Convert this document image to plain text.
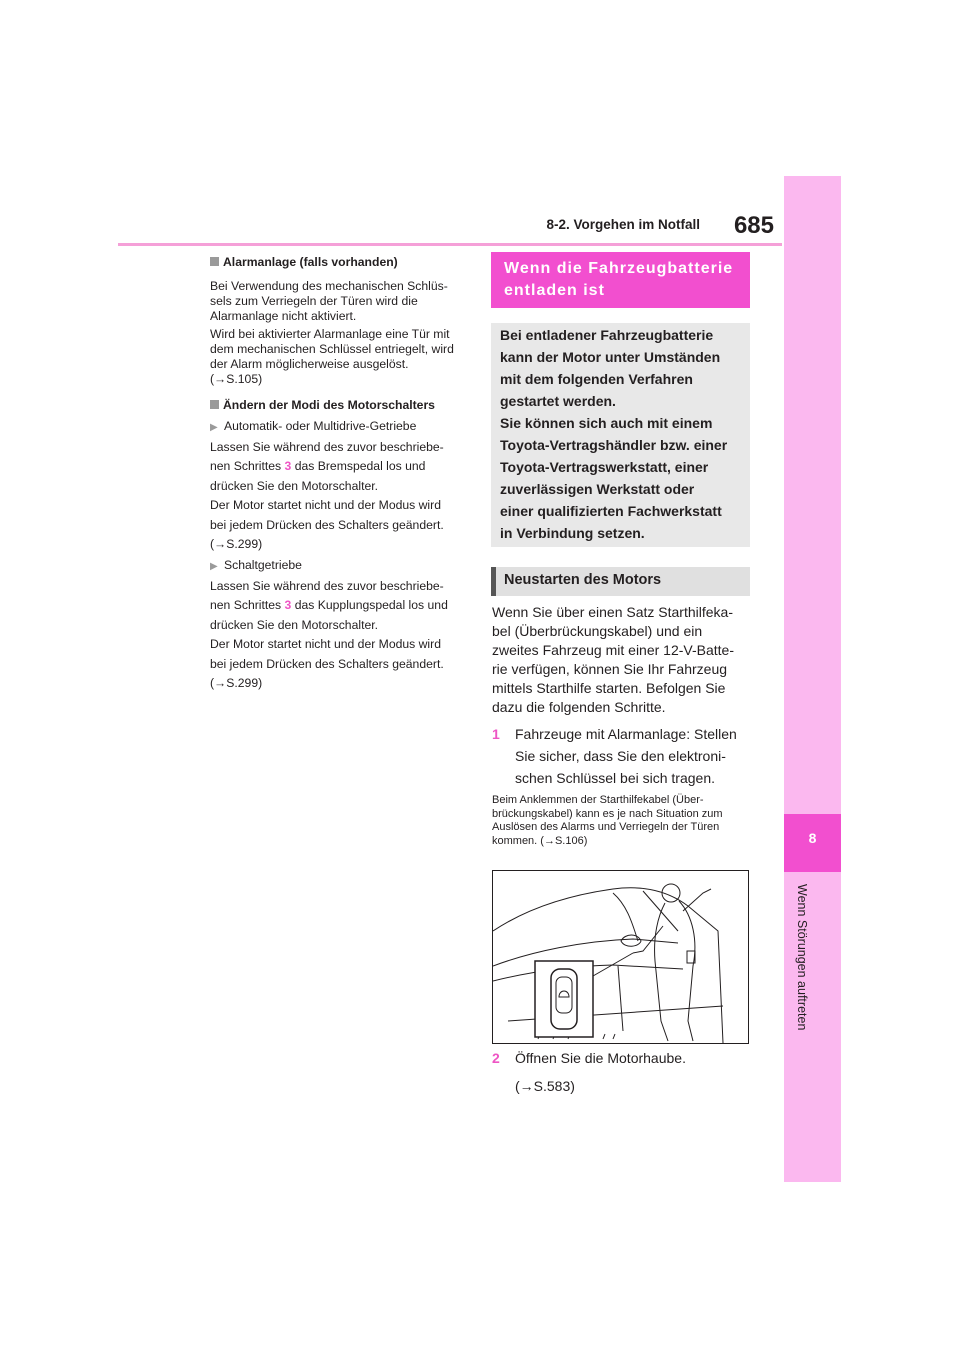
8-2. Vorgehen im Notfall	685
8
Wenn Störungen auftreten
Alarmanlage (falls vorhanden)
Bei Verwendung des mechanischen Schlüs- sels zum Verriegeln der Türen wird die Alarmanlage nicht aktiviert.
Wird bei aktivierter Alarmanlage eine Tür mit dem mechanischen Schlüssel entriegelt, wird der Alarm möglicherweise ausgelöst.
(→S.105)
Ändern der Modi des Motorschalters
▶ Automatik- oder Multidrive-Getriebe
Lassen Sie während des zuvor beschriebe-
nen Schrittes 3 das Bremspedal los und
drücken Sie den Motorschalter.
Der Motor startet nicht und der Modus wird
bei jedem Drücken des Schalters geändert.
(→S.299)
▶ Schaltgetriebe
Lassen Sie während des zuvor beschriebe-
nen Schrittes 3 das Kupplungspedal los und
drücken Sie den Motorschalter.
Der Motor startet nicht und der Modus wird
bei jedem Drücken des Schalters geändert.
(→S.299)
Wenn die Fahrzeugbatterie
entladen ist
Bei entladener Fahrzeugbatterie
kann der Motor unter Umständen
mit dem folgenden Verfahren
gestartet werden.
Sie können sich auch mit einem
Toyota-Vertragshändler bzw. einer
Toyota-Vertragswerkstatt, einer
zuverlässigen Werkstatt oder
einer qualifizierten Fachwerkstatt
in Verbindung setzen.
Neustarten des Motors
Wenn Sie über einen Satz Starthilfeka- bel (Überbrückungskabel) und ein zweites Fahrzeug mit einer 12-V-Batte- rie verfügen, können Sie Ihr Fahrzeug mittels Starthilfe starten. Befolgen Sie dazu die folgenden Schritte.
1 Fahrzeuge mit Alarmanlage: Stellen
Sie sicher, dass Sie den elektroni-
schen Schlüssel bei sich tragen.
Beim Anklemmen der Starthilfekabel (Über- brückungskabel) kann es je nach Situation zum Auslösen des Alarms und Verriegeln der Türen kommen. (→S.106)
2 Öffnen Sie die Motorhaube.
(→S.583)
